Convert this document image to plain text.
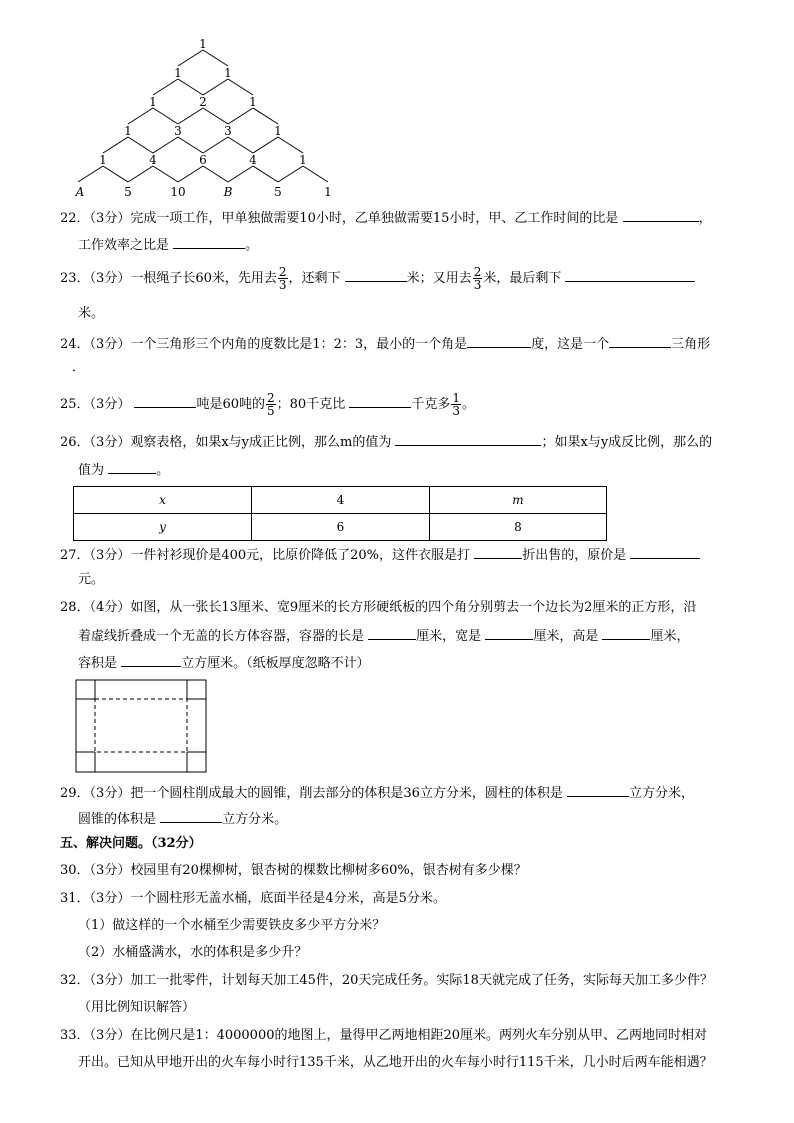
1
1	1
1	2	1
1	3	3	1
1	4	6	4	1
A	5	10	B	5	1
22．（3分）完成一项工作，甲单独做需要10小时，乙单独做需要15小时，甲、乙工作时间的比是	，
工作效率之比是	。
23．（3分）一根绳子长60米，先用去 $\frac{2}{3}$ ，还剩下	米；又用去 $\frac{2}{3}$ 米，最后剩下
米。
24．（3分）一个三角形三个内角的度数比是1：2：3，最小的一个角是	度，这是一个	三角形
．
25．（3分）	吨是60吨的 $\frac{2}{5}$ ；80千克比	千克多 $\frac{1}{3}$ 。
26．（3分）观察表格，如果x与y成正比例，那么m的值为	；如果x与y成反比例，那么的
值为	。
x	4	m
y	6	8
27．（3分）一件衬衫现价是400元，比原价降低了20%，这件衣服是打	折出售的，原价是
元。
28．（4分）如图，从一张长13厘米、宽9厘米的长方形硬纸板的四个角分别剪去一个边长为2厘米的正方形，沿
着虚线折叠成一个无盖的长方体容器，容器的长是	厘米，宽是	厘米，高是	厘米，
容积是	立方厘米。（纸板厚度忽略不计）
29．（3分）把一个圆柱削成最大的圆锥，削去部分的体积是36立方分米，圆柱的体积是	立方分米，
圆锥的体积是	立方分米。
五、解决问题。（32分）
30．（3分）校园里有20棵柳树，银杏树的棵数比柳树多60%，银杏树有多少棵？
31．（3分）一个圆柱形无盖水桶，底面半径是4分米，高是5分米。
（1）做这样的一个水桶至少需要铁皮多少平方分米？
（2）水桶盛满水，水的体积是多少升？
32．（3分）加工一批零件，计划每天加工45件，20天完成任务。实际18天就完成了任务，实际每天加工多少件？
（用比例知识解答）
33．（3分）在比例尺是1：4000000的地图上，量得甲乙两地相距20厘米。两列火车分别从甲、乙两地同时相对
开出。已知从甲地开出的火车每小时行135千米，从乙地开出的火车每小时行115千米，几小时后两车能相遇？
